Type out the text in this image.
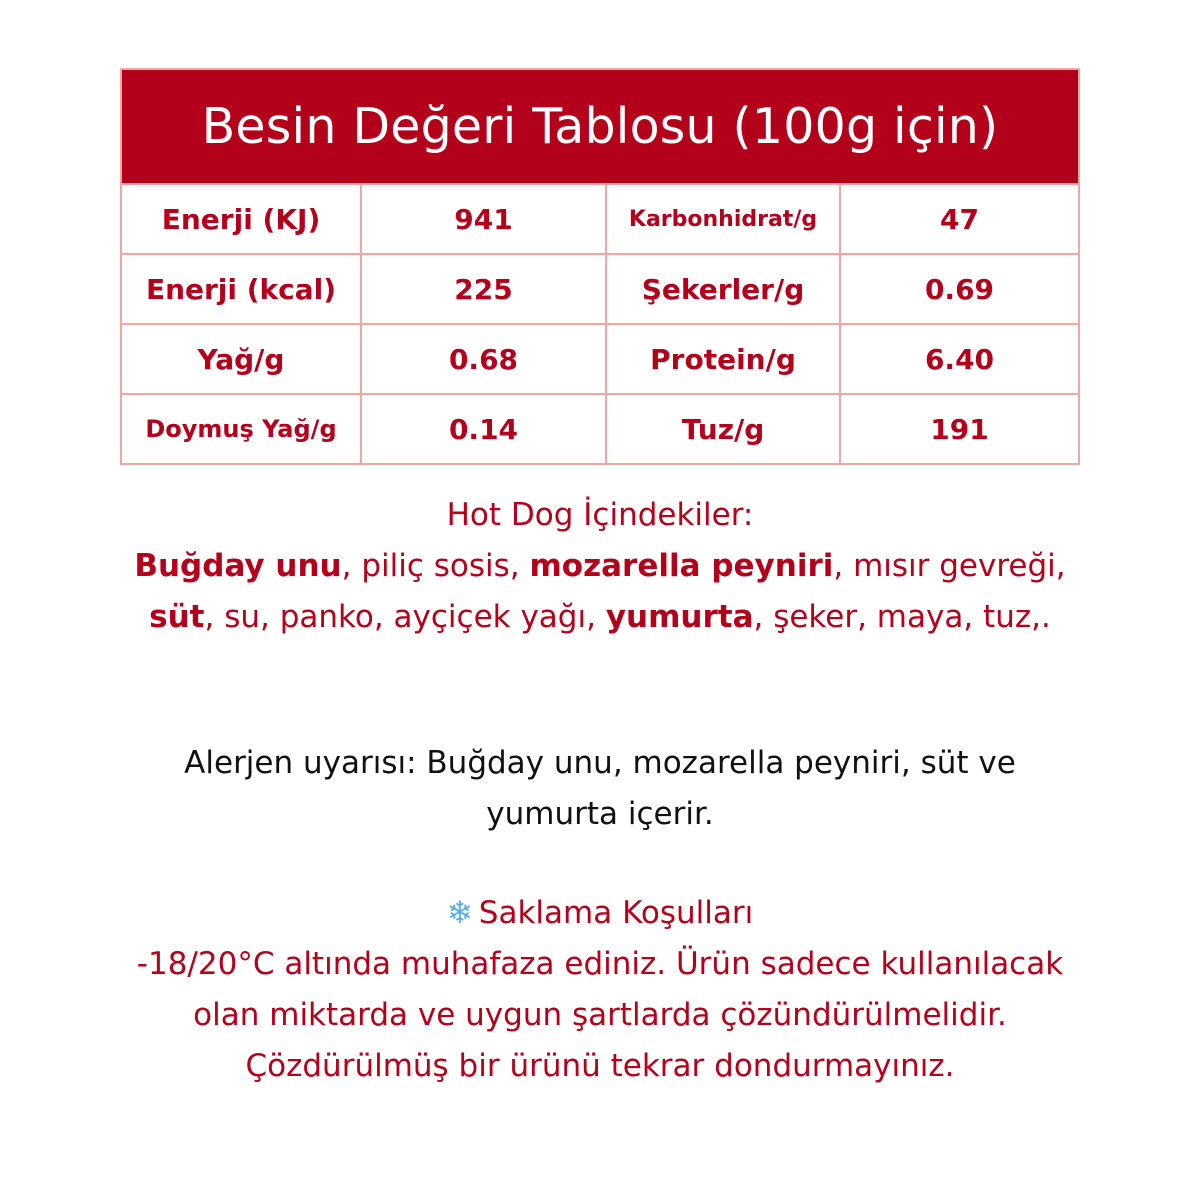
Besin Değeri Tablosu (100g için)
Enerji (KJ)	941	Karbonhidrat/g	47
Enerji (kcal)	225	Şekerler/g	0.69
Yağ/g	0.68	Protein/g	6.40
Doymuş Yağ/g	0.14	Tuz/g	191
Hot Dog İçindekiler:
Buğday unu, piliç sosis, mozarella peyniri, mısır gevreği, süt, su, panko, ayçiçek yağı, yumurta, şeker, maya, tuz,.
Alerjen uyarısı: Buğday unu, mozarella peyniri, süt ve yumurta içerir.
❄ Saklama Koşulları
-18/20°C altında muhafaza ediniz. Ürün sadece kullanılacak olan miktarda ve uygun şartlarda çözündürülmelidir. Çözdürülmüş bir ürünü tekrar dondurmayınız.
